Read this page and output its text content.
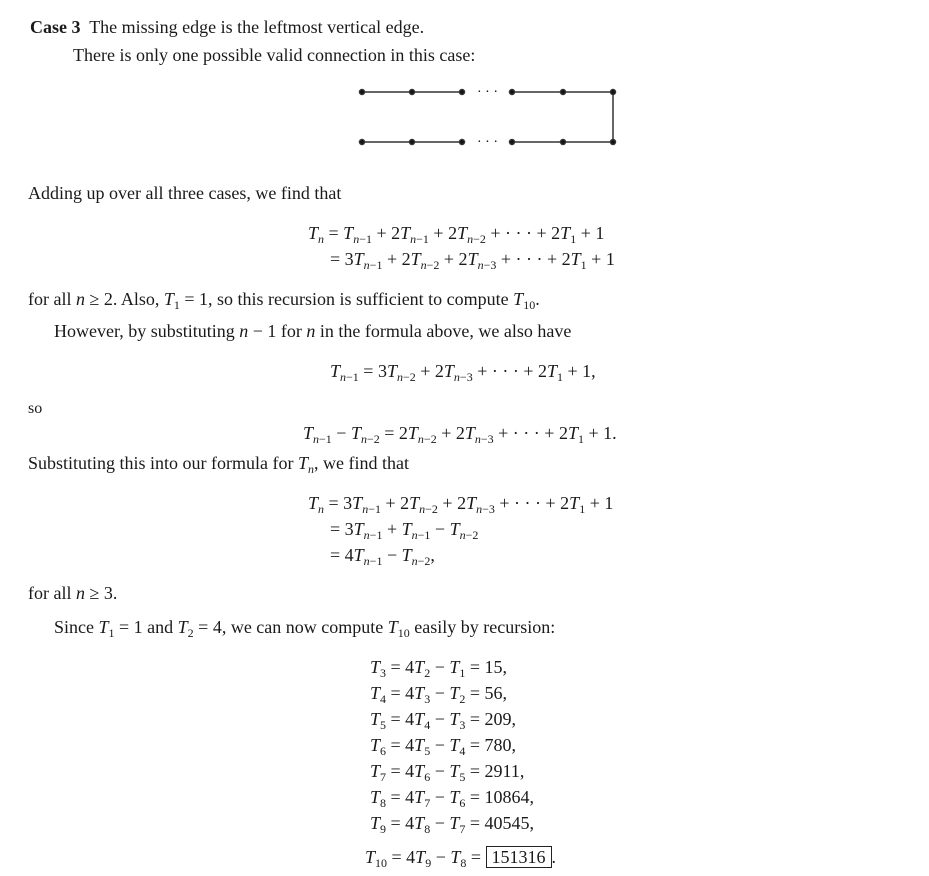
Case 3 The missing edge is the leftmost vertical edge.
There is only one possible valid connection in this case:
· · ·
· · ·
Adding up over all three cases, we find that
$T_n = T_{n-1} + 2T_{n-1} + 2T_{n-2}$ + · · · + $2T_1 + 1$
= $3T_{n-1} + 2T_{n-2} + 2T_{n-3}$ + · · · + $2T_1 + 1$
for all n ≥ 2. Also, $T_1 = 1$, so this recursion is sufficient to compute $T_{10}$.
However, by substituting n − 1 for n in the formula above, we also have
$T_{n-1} = 3T_{n-2} + 2T_{n-3}$ + · · · + $2T_1 + 1$,
so
$T_{n-1} - T_{n-2} = 2T_{n-2} + 2T_{n-3}$ + · · · + $2T_1 + 1$.
Substituting this into our formula for $T_n$, we find that
$T_n = 3T_{n-1} + 2T_{n-2} + 2T_{n-3}$ + · · · + $2T_1 + 1$
= $3T_{n-1} + T_{n-1} - T_{n-2}$
= $4T_{n-1} - T_{n-2}$,
for all n ≥ 3.
Since $T_1 = 1$ and $T_2 = 4$, we can now compute $T_{10}$ easily by recursion:
$T_3 = 4T_2 - T_1 = 15$,
$T_4 = 4T_3 - T_2 = 56$,
$T_5 = 4T_4 - T_3 = 209$,
$T_6 = 4T_5 - T_4 = 780$,
$T_7 = 4T_6 - T_5 = 2911$,
$T_8 = 4T_7 - T_6 = 10864$,
$T_9 = 4T_8 - T_7 = 40545$,
$T_{10} = 4T_9 - T_8 = 151316$ .
